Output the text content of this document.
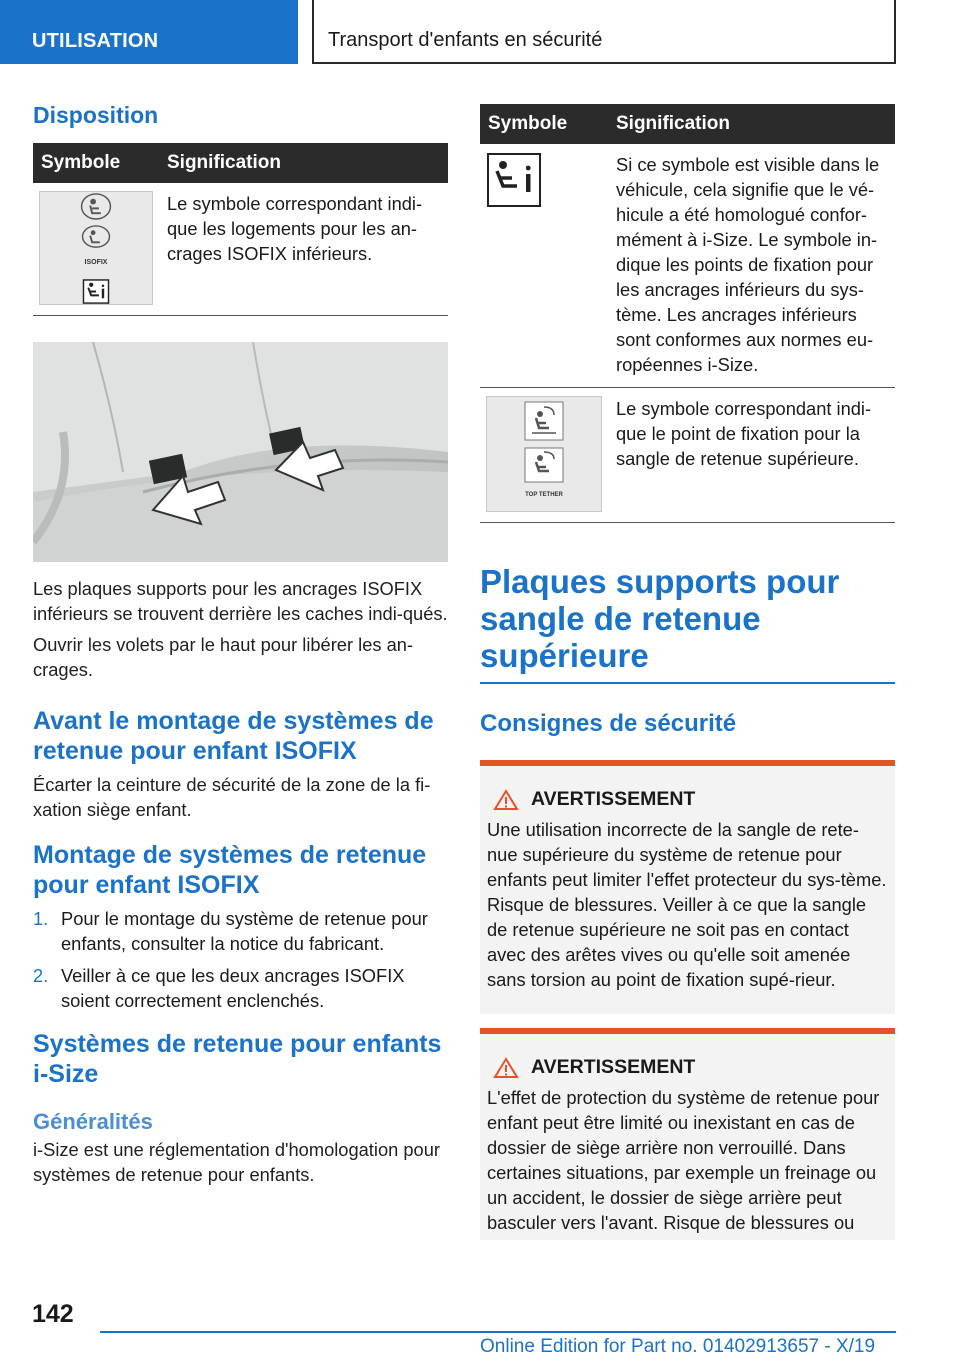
UTILISATION	Transport d'enfants en sécurité
Disposition
Symbole	Signification

ISOFIX	Le symbole correspondant indi-que les logements pour les an-crages ISOFIX inférieurs.

Les plaques supports pour les ancrages ISOFIX inférieurs se trouvent derrière les caches indi-qués.

Ouvrir les volets par le haut pour libérer les an-crages.

Avant le montage de systèmes de retenue pour enfant ISOFIX

Écarter la ceinture de sécurité de la zone de la fi-xation siège enfant.

Montage de systèmes de retenue pour enfant ISOFIX
1. Pour le montage du système de retenue pour enfants, consulter la notice du fabricant.
2. Veiller à ce que les deux ancrages ISOFIX soient correctement enclenchés.
Systèmes de retenue pour enfants i-Size
Généralités

i-Size est une réglementation d'homologation pour systèmes de retenue pour enfants.

Symbole	Signification
	Si ce symbole est visible dans le véhicule, cela signifie que le vé-hicule a été homologué confor-mément à i-Size. Le symbole in-dique les points de fixation pour les ancrages inférieurs du sys-tème. Les ancrages inférieurs sont conformes aux normes eu-ropéennes i-Size.

TOP TETHER	Le symbole correspondant indi-que le point de fixation pour la sangle de retenue supérieure.
Plaques supports pour sangle de retenue supérieure
Consignes de sécurité
AVERTISSEMENT

Une utilisation incorrecte de la sangle de rete-nue supérieure du système de retenue pour enfants peut limiter l'effet protecteur du sys-tème. Risque de blessures. Veiller à ce que la sangle de retenue supérieure ne soit pas en contact avec des arêtes vives ou qu'elle soit amenée sans torsion au point de fixation supé-rieur.

AVERTISSEMENT

L'effet de protection du système de retenue pour enfant peut être limité ou inexistant en cas de dossier de siège arrière non verrouillé. Dans certaines situations, par exemple un freinage ou un accident, le dossier de siège arrière peut basculer vers l'avant. Risque de blessures ou

142
Online Edition for Part no. 01402913657 - X/19
